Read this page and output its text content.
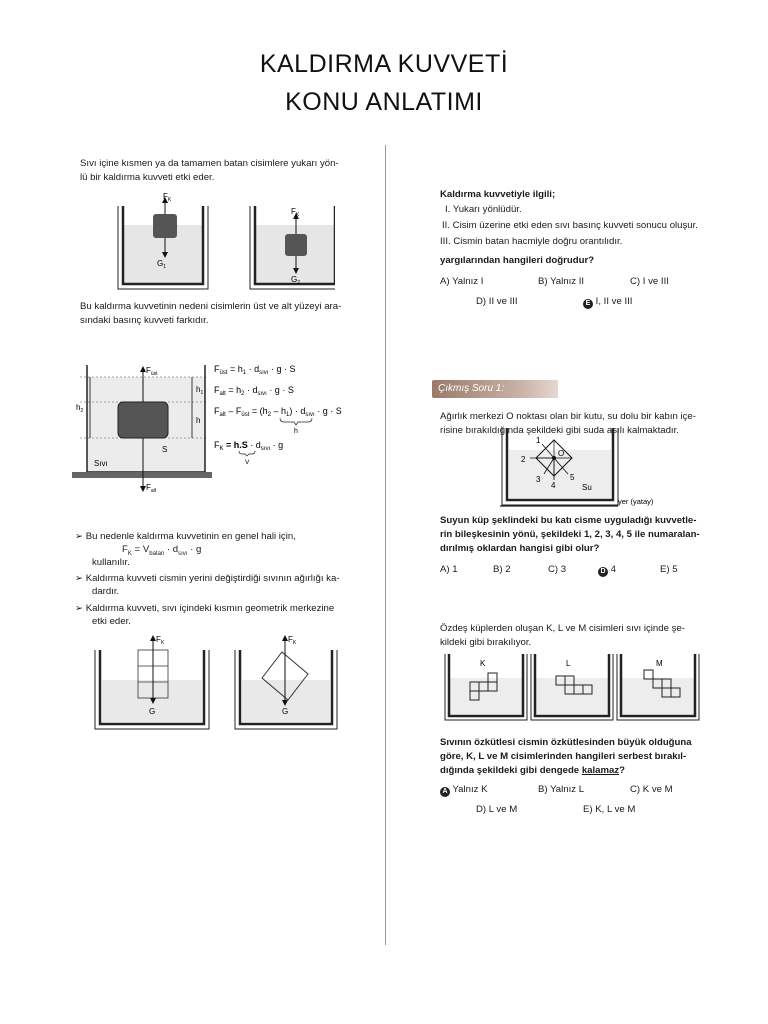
KALDIRMA KUVVETİ
KONU ANLATIMI
Sıvı içine kısmen ya da tamamen batan cisimlere yukarı yön-
lü bir kaldırma kuvveti etki eder.
$F_K$
$G_1$
$F_K$
$G_2$
Bu kaldırma kuvvetinin nedeni cisimlerin üst ve alt yüzeyi ara-
sındaki basınç kuvveti farkıdır.
$F_{üst}$
$F_{alt}$
$h_2$
$h_1$
h
S
Sıvı
$F_{üst} = h_1 \cdot d_{sıvı} \cdot g \cdot S$
$F_{alt} = h_2 \cdot d_{sıvı} \cdot g \cdot S$
$F_{alt} - F_{üst} = (h_2 - h_1) \cdot d_{sıvı} \cdot g \cdot S$
h
$F_K = h.S \cdot d_{sıvı} \cdot g$
V
➢ Bu nedenle kaldırma kuvvetinin en genel hali için,
$F_K = V_{batan} \cdot d_{sıvı} \cdot g$
kullanılır.
➢ Kaldırma kuvveti cismin yerini değiştirdiği sıvının ağırlığı ka-
dardır.
➢ Kaldırma kuvveti, sıvı içindeki kısmın geometrik merkezine
etki eder.
$F_K$
G
$F_K$
G
Kaldırma kuvvetiyle ilgili;
I. Yukarı yönlüdür.
II. Cisim üzerine etki eden sıvı basınç kuvveti sonucu oluşur.
III. Cismin batan hacmiyle doğru orantılıdır.
yargılarından hangileri doğrudur?
A) Yalnız I	B) Yalnız II	C) I ve III
D) II ve III	E I, II ve III
Çıkmış Soru 1:
Ağırlık merkezi O noktası olan bir kutu, su dolu bir kabın içe-
risine bırakıldığında şekildeki gibi suda asılı kalmaktadır.
1
2
3
4
5
O
Su
yer (yatay)
Suyun küp şeklindeki bu katı cisme uyguladığı kuvvetle-
rin bileşkesinin yönü, şekildeki 1, 2, 3, 4, 5 ile numaralan-
dırılmış oklardan hangisi gibi olur?
A) 1	B) 2	C) 3	D 4	E) 5
Özdeş küplerden oluşan K, L ve M cisimleri sıvı içinde şe-
kildeki gibi bırakılıyor.
K	L	M
Sıvının özkütlesi cismin özkütlesinden büyük olduğuna
göre, K, L ve M cisimlerinden hangileri serbest bırakıl-
dığında şekildeki gibi dengede kalamaz?
A Yalnız K	B) Yalnız L	C) K ve M
D) L ve M	E) K, L ve M
